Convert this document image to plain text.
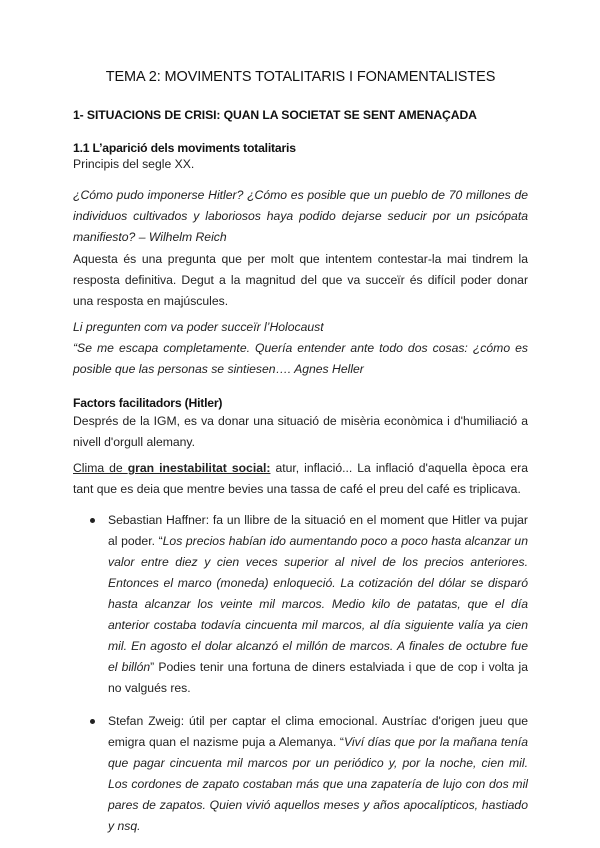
TEMA 2: MOVIMENTS TOTALITARIS I FONAMENTALISTES
1- SITUACIONS DE CRISI: QUAN LA SOCIETAT SE SENT AMENAÇADA
1.1 L’aparició dels moviments totalitaris
Principis del segle XX.

¿Cómo pudo imponerse Hitler? ¿Cómo es posible que un pueblo de 70 millones de individuos cultivados y laboriosos haya podido dejarse seducir por un psicópata manifiesto? – Wilhelm Reich

Aquesta és una pregunta que per molt que intentem contestar-la mai tindrem la resposta definitiva. Degut a la magnitud del que va succeïr és difícil poder donar una resposta en majúscules.

Li pregunten com va poder succeïr l’Holocaust

“Se me escapa completamente. Quería entender ante todo dos cosas: ¿cómo es posible que las personas se sintiesen…. Agnes Heller

Factors facilitadors (Hitler)

Després de la IGM, es va donar una situació de misèria econòmica i d'humiliació a nivell d'orgull alemany.

Clima de gran inestabilitat social: atur, inflació... La inflació d'aquella època era tant que es deia que mentre bevies una tassa de café el preu del café es triplicava.

Sebastian Haffner: fa un llibre de la situació en el moment que Hitler va pujar al poder. “Los precios habían ido aumentando poco a poco hasta alcanzar un valor entre diez y cien veces superior al nivel de los precios anteriores. Entonces el marco (moneda) enloqueció. La cotización del dólar se disparó hasta alcanzar los veinte mil marcos. Medio kilo de patatas, que el día anterior costaba todavía cincuenta mil marcos, al día siguiente valía ya cien mil. En agosto el dolar alcanzó el millón de marcos. A finales de octubre fue el billón” Podies tenir una fortuna de diners estalviada i que de cop i volta ja no valgués res.
Stefan Zweig: útil per captar el clima emocional. Austríac d'origen jueu que emigra quan el nazisme puja a Alemanya. “Viví días que por la mañana tenía que pagar cincuenta mil marcos por un periódico y, por la noche, cien mil. Los cordones de zapato costaban más que una zapatería de lujo con dos mil pares de zapatos. Quien vivió aquellos meses y años apocalípticos, hastiado y nsq.
